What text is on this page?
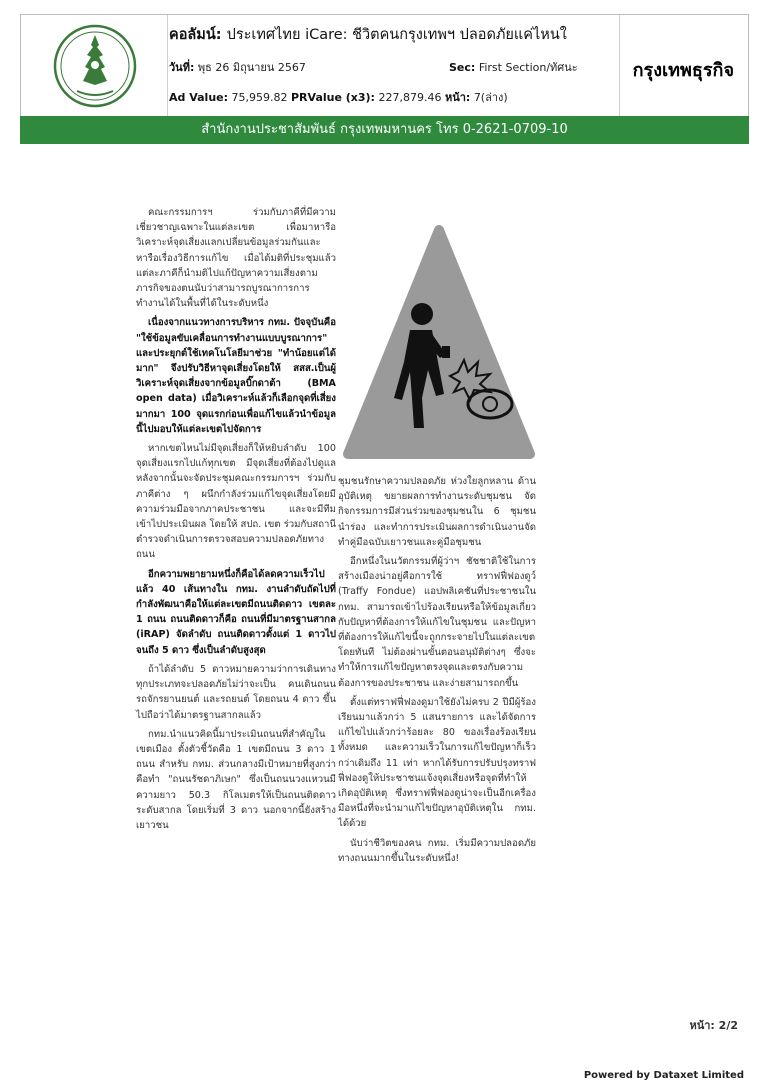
คอลัมน์: ประเทศไทย iCare: ชีวิตคนกรุงเทพฯ ปลอดภัยแค่ไหนใ
วันที่: พุธ 26 มิถุนายน 2567	Sec: First Section/ทัศนะ
Ad Value: 75,959.82 PRValue (x3): 227,879.46 หน้า: 7(ล่าง)
กรุงเทพธุรกิจ
สำนักงานประชาสัมพันธ์ กรุงเทพมหานคร โทร 0-2621-0709-10

คณะกรรมการฯ ร่วมกับภาคีที่มีความเชี่ยวชาญเฉพาะในแต่ละเขต เพื่อมาหารือ วิเคราะห์จุดเสี่ยงแลกเปลี่ยนข้อมูลร่วมกันและหารือเรื่องวิธีการแก้ไข เมื่อได้มติที่ประชุมแล้ว แต่ละภาคีก็นำมติไปแก้ปัญหาความเสี่ยงตามภารกิจของตนนับว่าสามารถบูรณาการการทำงานได้ในพื้นที่ได้ในระดับหนึ่ง

เนื่องจากแนวทางการบริหาร กทม. ปัจจุบันคือ "ใช้ข้อมูลขับเคลื่อนการทำงานแบบบูรณาการ" และประยุกต์ใช้เทคโนโลยีมาช่วย "ทำน้อยแต่ได้มาก" จึงปรับวิธีหาจุดเสี่ยงโดยให้ สสส.เป็นผู้วิเคราะห์จุดเสี่ยงจากข้อมูลบิ๊กดาต้า (BMA open data) เมื่อวิเคราะห์แล้วก็เลือกจุดที่เสี่ยงมากมา 100 จุดแรกก่อนเพื่อแก้ไขแล้วนำข้อมูลนี้ไปมอบให้แต่ละเขตไปจัดการ

หากเขตไหนไม่มีจุดเสี่ยงก็ให้หยิบลำดับ 100 จุดเสี่ยงแรกไปแก้ทุกเขต มีจุดเสี่ยงที่ต้องไปดูแล หลังจากนั้นจะจัดประชุมคณะกรรมการฯ ร่วมกับภาคีต่าง ๆ ผนึกกำลังร่วมแก้ไขจุดเสี่ยงโดยมีความร่วมมือจากภาคประชาชน และจะมีทีมเข้าไปประเมินผล โดยให้ สปถ. เขต ร่วมกับสถานีตำรวจดำเนินการตรวจสอบความปลอดภัยทางถนน

อีกความพยายามหนึ่งก็คือได้ลดความเร็วไปแล้ว 40 เส้นทางใน กทม. งานลำดับถัดไปที่กำลังพัฒนาคือให้แต่ละเขตมีถนนติดดาว เขตละ 1 ถนน ถนนติดดาวก็คือ ถนนที่มีมาตรฐานสากล (iRAP) จัดลำดับ ถนนติดดาวตั้งแต่ 1 ดาวไปจนถึง 5 ดาว ซึ่งเป็นลำดับสูงสุด

ถ้าได้ลำดับ 5 ดาวหมายความว่าการเดินทางทุกประเภทจะปลอดภัยไม่ว่าจะเป็น คนเดินถนน รถจักรยานยนต์ และรถยนต์ โดยถนน 4 ดาว ขึ้นไปถือว่าได้มาตรฐานสากลแล้ว

กทม.นำแนวคิดนี้มาประเมินถนนที่สำคัญในเขตเมือง ตั้งตัวชี้วัดคือ 1 เขตมีถนน 3 ดาว 1 ถนน สำหรับ กทม. ส่วนกลางมีเป้าหมายที่สูงกว่าคือทำ "ถนนรัชดาภิเษก" ซึ่งเป็นถนนวงแหวนมีความยาว 50.3 กิโลเมตรให้เป็นถนนติดดาวระดับสากล โดยเริ่มที่ 3 ดาว นอกจากนี้ยังสร้างเยาวชน

ชุมชนรักษาความปลอดภัย ห่วงใยลูกหลาน ด้านอุบัติเหตุ ขยายผลการทำงานระดับชุมชน จัดกิจกรรมการมีส่วนร่วมของชุมชนใน 6 ชุมชนนำร่อง และทำการประเมินผลการดำเนินงานจัดทำคู่มือฉบับเยาวชนและคู่มือชุมชน

อีกหนึ่งในนวัตกรรมที่ผู้ว่าฯ ชัชชาติใช้ในการสร้างเมืองน่าอยู่คือการใช้ ทราฟฟี่ฟองดูว์ (Traffy Fondue) แอปพลิเคชันที่ประชาชนใน กทม. สามารถเข้าไปร้องเรียนหรือให้ข้อมูลเกี่ยวกับปัญหาที่ต้องการให้แก้ไขในชุมชน และปัญหาที่ต้องการให้แก้ไขนี้จะถูกกระจายไปในแต่ละเขตโดยทันที ไม่ต้องผ่านขั้นตอนอนุมัติต่างๆ ซึ่งจะทำให้การแก้ไขปัญหาตรงจุดและตรงกับความต้องการของประชาชน และง่ายสามารถกขึ้น

ตั้งแต่ทราฟฟี่ฟองดูมาใช้ยังไม่ครบ 2 ปีมีผู้ร้องเรียนมาแล้วกว่า 5 แสนรายการ และได้จัดการแก้ไขไปแล้วกว่าร้อยละ 80 ของเรื่องร้องเรียนทั้งหมด และความเร็วในการแก้ไขปัญหาก็เร็วกว่าเดิมถึง 11 เท่า หากได้รับการปรับปรุงทราฟฟี่ฟองดูให้ประชาชนแจ้งจุดเสี่ยงหรือจุดที่ทำให้เกิดอุบัติเหตุ ซึ่งทราฟฟี่ฟองดูน่าจะเป็นอีกเครื่องมือหนึ่งที่จะนำมาแก้ไขปัญหาอุบัติเหตุใน กทม. ได้ด้วย

นับว่าชีวิตของคน กทม. เริ่มมีความปลอดภัยทางถนนมากขึ้นในระดับหนึ่ง!

หน้า: 2/2
Powered by Dataxet Limited
